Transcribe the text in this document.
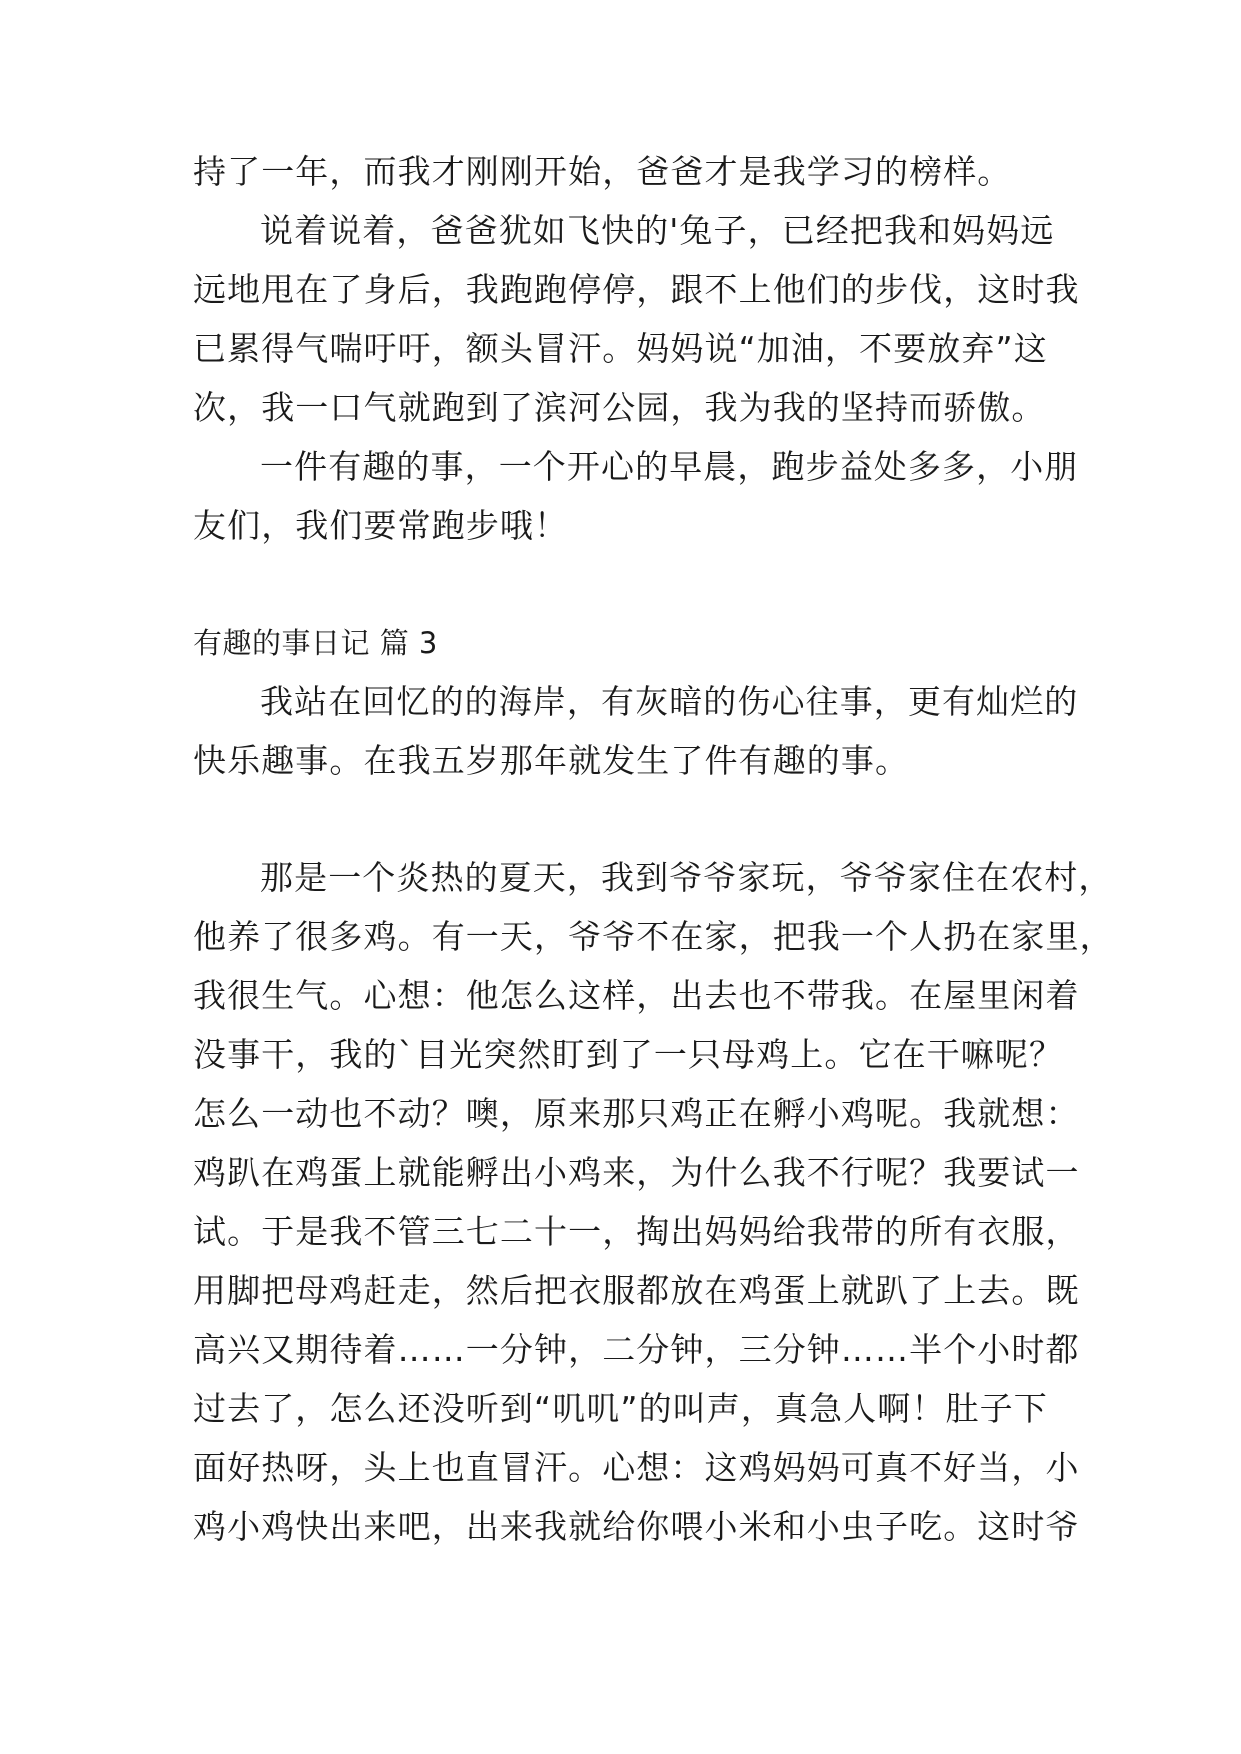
持了一年，而我才刚刚开始，爸爸才是我学习的榜样。

说着说着，爸爸犹如飞快的'兔子，已经把我和妈妈远

远地甩在了身后，我跑跑停停，跟不上他们的步伐，这时我

已累得气喘吁吁，额头冒汗。妈妈说“加油，不要放弃”这

次，我一口气就跑到了滨河公园，我为我的坚持而骄傲。

一件有趣的事，一个开心的早晨，跑步益处多多，小朋

友们，我们要常跑步哦！

有趣的事日记 篇 3

我站在回忆的的海岸，有灰暗的伤心往事，更有灿烂的

快乐趣事。在我五岁那年就发生了件有趣的事。

那是一个炎热的夏天，我到爷爷家玩，爷爷家住在农村，

他养了很多鸡。有一天，爷爷不在家，把我一个人扔在家里，

我很生气。心想：他怎么这样，出去也不带我。在屋里闲着

没事干，我的`目光突然盯到了一只母鸡上。它在干嘛呢？

怎么一动也不动？噢，原来那只鸡正在孵小鸡呢。我就想：

鸡趴在鸡蛋上就能孵出小鸡来，为什么我不行呢？我要试一

试。于是我不管三七二十一，掏出妈妈给我带的所有衣服，

用脚把母鸡赶走，然后把衣服都放在鸡蛋上就趴了上去。既

高兴又期待着……一分钟，二分钟，三分钟……半个小时都

过去了，怎么还没听到“叽叽”的叫声，真急人啊！肚子下

面好热呀，头上也直冒汗。心想：这鸡妈妈可真不好当，小

鸡小鸡快出来吧，出来我就给你喂小米和小虫子吃。这时爷
